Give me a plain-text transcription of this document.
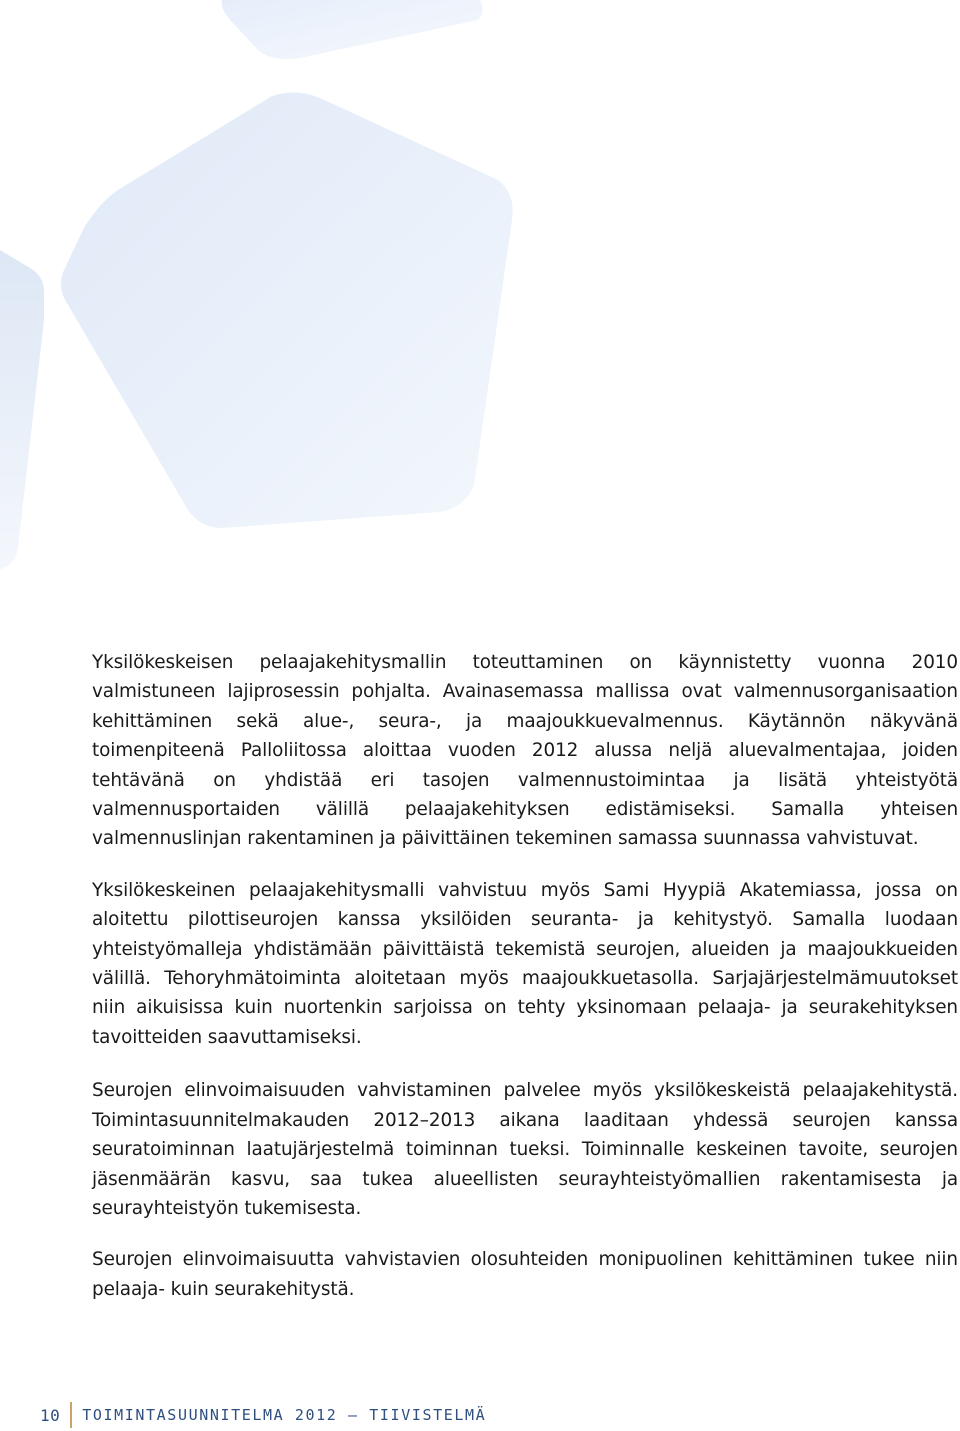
Yksilökeskeisen pelaajakehitysmallin toteuttaminen on käynnistetty vuonna 2010 valmistuneen lajiprosessin pohjalta. Avainasemassa mallissa ovat valmennusorganisaation kehittäminen sekä alue-, seura-, ja maajoukkuevalmennus. Käytännön näkyvänä toimenpiteenä Palloliitossa aloittaa vuoden 2012 alussa neljä aluevalmentajaa, joiden tehtävänä on yhdistää eri tasojen valmennustoimintaa ja lisätä yhteistyötä valmennusportaiden välillä pelaajakehityksen edistämiseksi. Samalla yhteisen valmennuslinjan rakentaminen ja päivittäinen tekeminen samassa suunnassa vahvistuvat.

Yksilökeskeinen pelaajakehitysmalli vahvistuu myös Sami Hyypiä Akatemiassa, jossa on aloitettu pilottiseurojen kanssa yksilöiden seuranta- ja kehitystyö. Samalla luodaan yhteistyömalleja yhdistämään päivittäistä tekemistä seurojen, alueiden ja maajoukkueiden välillä. Tehoryhmätoiminta aloitetaan myös maajoukkuetasolla. Sarjajärjestelmämuutokset niin aikuisissa kuin nuortenkin sarjoissa on tehty yksinomaan pelaaja- ja seurakehityksen tavoitteiden saavuttamiseksi.

Seurojen elinvoimaisuuden vahvistaminen palvelee myös yksilökeskeistä pelaajakehitystä. Toimintasuunnitelmakauden 2012–2013 aikana laaditaan yhdessä seurojen kanssa seuratoiminnan laatujärjestelmä toiminnan tueksi. Toiminnalle keskeinen tavoite, seurojen jäsenmäärän kasvu, saa tukea alueellisten seurayhteistyömallien rakentamisesta ja seurayhteistyön tukemisesta.

Seurojen elinvoimaisuutta vahvistavien olosuhteiden monipuolinen kehittäminen tukee niin pelaaja- kuin seurakehitystä.

10 TOIMINTASUUNNITELMA 2012 — TIIVISTELMÄ
